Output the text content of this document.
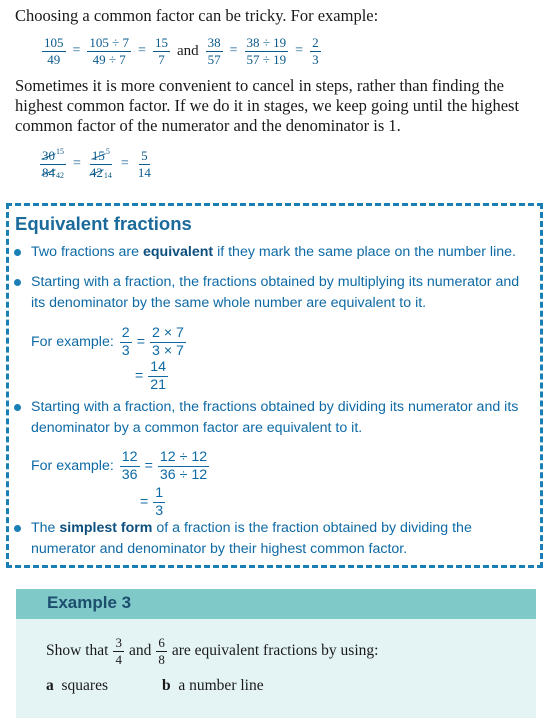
Choosing a common factor can be tricky. For example:
$\frac{105}{49} = \frac{105 \div 7}{49 \div 7} = \frac{15}{7}$ and $\frac{38}{57} = \frac{38 \div 19}{57 \div 19} = \frac{2}{3}$
Sometimes it is more convenient to cancel in steps, rather than finding the highest common factor. If we do it in stages, we keep going until the highest common factor of the numerator and the denominator is 1.
$\frac{30^{15}}{84_{42}} = \frac{15^5}{42_{14}} = \frac{5}{14}$
Equivalent fractions
Two fractions are equivalent if they mark the same place on the number line.
Starting with a fraction, the fractions obtained by multiplying its numerator and its denominator by the same whole number are equivalent to it.
For example: $\frac{2}{3} = \frac{2 \times 7}{3 \times 7}$
= $\frac{14}{21}$
Starting with a fraction, the fractions obtained by dividing its numerator and its denominator by a common factor are equivalent to it.
For example: $\frac{12}{36} = \frac{12 \div 12}{36 \div 12}$
= $\frac{1}{3}$
The simplest form of a fraction is the fraction obtained by dividing the numerator and denominator by their highest common factor.
Example 3
Show that $\frac{3}{4}$ and $\frac{6}{8}$ are equivalent fractions by using:
a squares	b a number line
